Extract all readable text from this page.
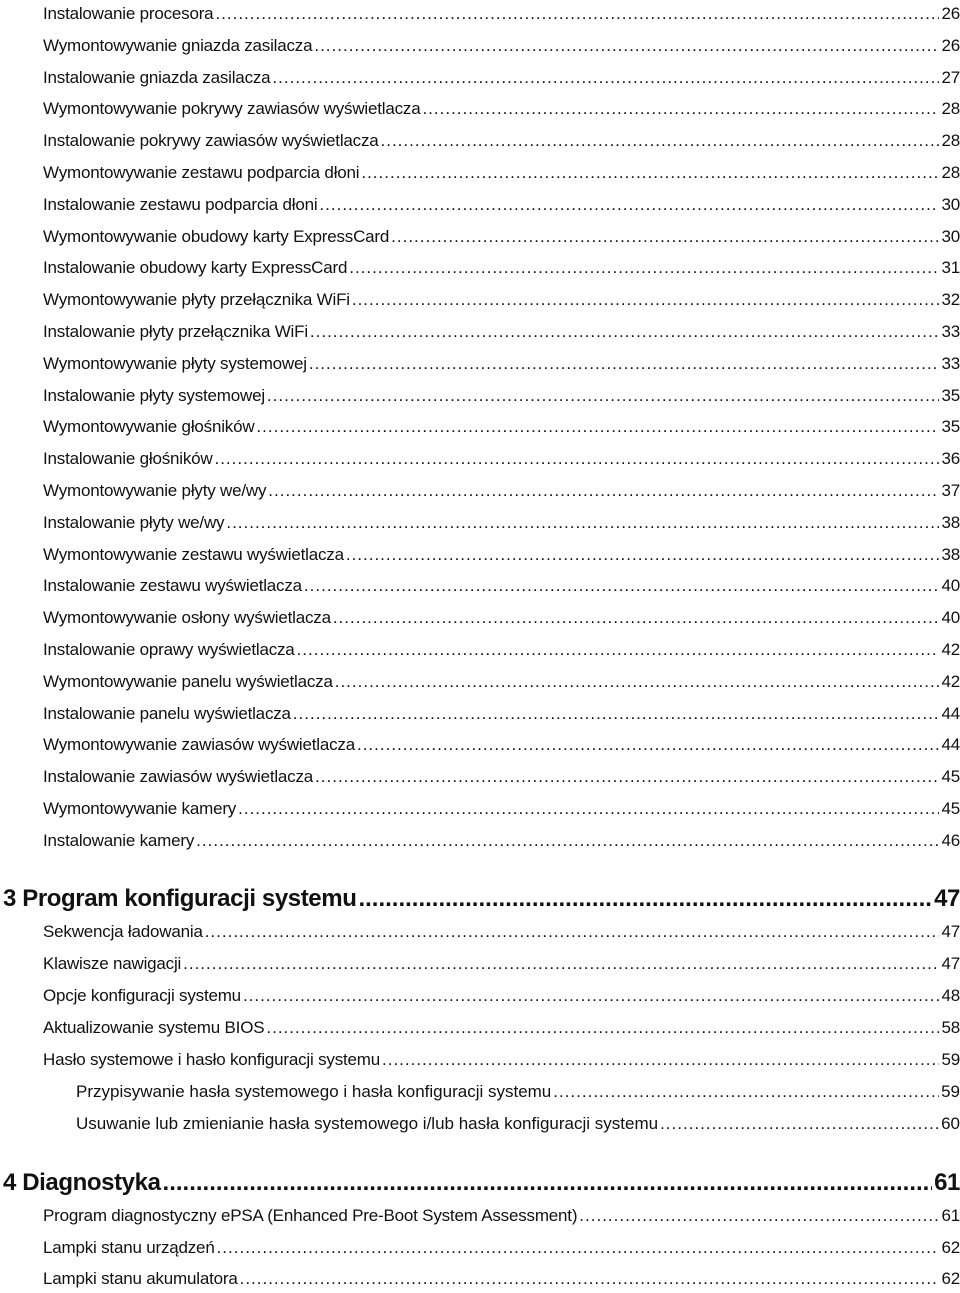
Instalowanie procesora .....	26
Wymontowywanie gniazda zasilacza .....	26
Instalowanie gniazda zasilacza .....	27
Wymontowywanie pokrywy zawiasów wyświetlacza .....	28
Instalowanie pokrywy zawiasów wyświetlacza .....	28
Wymontowywanie zestawu podparcia dłoni .....	28
Instalowanie zestawu podparcia dłoni .....	30
Wymontowywanie obudowy karty ExpressCard .....	30
Instalowanie obudowy karty ExpressCard .....	31
Wymontowywanie płyty przełącznika WiFi .....	32
Instalowanie płyty przełącznika WiFi .....	33
Wymontowywanie płyty systemowej .....	33
Instalowanie płyty systemowej .....	35
Wymontowywanie głośników .....	35
Instalowanie głośników .....	36
Wymontowywanie płyty we/wy .....	37
Instalowanie płyty we/wy .....	38
Wymontowywanie zestawu wyświetlacza .....	38
Instalowanie zestawu wyświetlacza .....	40
Wymontowywanie osłony wyświetlacza .....	40
Instalowanie oprawy wyświetlacza .....	42
Wymontowywanie panelu wyświetlacza .....	42
Instalowanie panelu wyświetlacza .....	44
Wymontowywanie zawiasów wyświetlacza .....	44
Instalowanie zawiasów wyświetlacza .....	45
Wymontowywanie kamery .....	45
Instalowanie kamery .....	46
3 Program konfiguracji systemu .....	47
Sekwencja ładowania .....	47
Klawisze nawigacji .....	47
Opcje konfiguracji systemu .....	48
Aktualizowanie systemu BIOS .....	58
Hasło systemowe i hasło konfiguracji systemu .....	59
Przypisywanie hasła systemowego i hasła konfiguracji systemu .....	59
Usuwanie lub zmienianie hasła systemowego i/lub hasła konfiguracji systemu .....	60
4 Diagnostyka .....	61
Program diagnostyczny ePSA (Enhanced Pre-Boot System Assessment) .....	61
Lampki stanu urządzeń .....	62
Lampki stanu akumulatora .....	62
